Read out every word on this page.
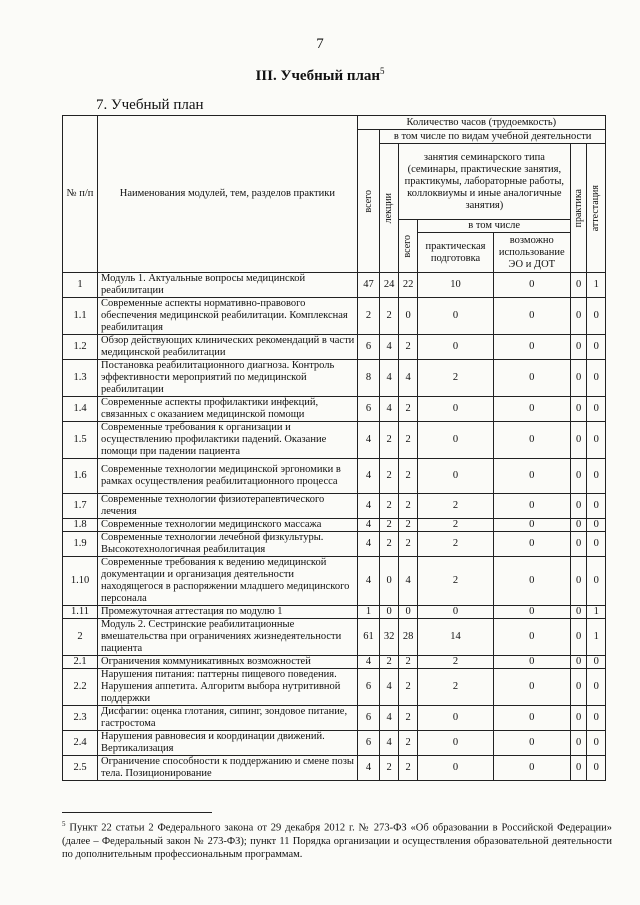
7
III. Учебный план$^5$
7. Учебный план
№ п/п	Наименования модулей, тем, разделов практики	Количество часов (трудоемкость)						

		всего	в том числе по видам учебной деятельности					

			лекции	занятия семинарского типа (семинары, практические занятия, практикумы, лабораторные работы, коллоквиумы и иные аналогичные занятия)			практика	аттестация

				всего	в том числе			
					практическая подготовка	возможно использование ЭО и ДОТ		
1	Модуль 1. Актуальные вопросы медицинской реабилитации	47	24	22	10	0	0	1
1.1	Современные аспекты нормативно-правового обеспечения медицинской реабилитации. Комплексная реабилитация	2	2	0	0	0	0	0
1.2	Обзор действующих клинических рекомендаций в части медицинской реабилитации	6	4	2	0	0	0	0
1.3	Постановка реабилитационного диагноза. Контроль эффективности мероприятий по медицинской реабилитации	8	4	4	2	0	0	0
1.4	Современные аспекты профилактики инфекций, связанных с оказанием медицинской помощи	6	4	2	0	0	0	0
1.5	Современные требования к организации и осуществлению профилактики падений. Оказание помощи при падении пациента	4	2	2	0	0	0	0
1.6	Современные технологии медицинской эргономики в рамках осуществления реабилитационного процесса	4	2	2	0	0	0	0
1.7	Современные технологии физиотерапевтического лечения	4	2	2	2	0	0	0
1.8	Современные технологии медицинского массажа	4	2	2	2	0	0	0
1.9	Современные технологии лечебной физкультуры. Высокотехнологичная реабилитация	4	2	2	2	0	0	0
1.10	Современные требования к ведению медицинской документации и организация деятельности находящегося в распоряжении младшего медицинского персонала	4	0	4	2	0	0	0
1.11	Промежуточная аттестация по модулю 1	1	0	0	0	0	0	1
2	Модуль 2. Сестринские реабилитационные вмешательства при ограничениях жизнедеятельности пациента	61	32	28	14	0	0	1
2.1	Ограничения коммуникативных возможностей	4	2	2	2	0	0	0
2.2	Нарушения питания: паттерны пищевого поведения. Нарушения аппетита. Алгоритм выбора нутритивной поддержки	6	4	2	2	0	0	0
2.3	Дисфагии: оценка глотания, сипинг, зондовое питание, гастростома	6	4	2	0	0	0	0
2.4	Нарушения равновесия и координации движений. Вертикализация	6	4	2	0	0	0	0
2.5	Ограничение способности к поддержанию и смене позы тела. Позиционирование	4	2	2	0	0	0	0
$^5$ Пункт 22 статьи 2 Федерального закона от 29 декабря 2012 г. № 273-ФЗ «Об образовании в Российской Федерации» (далее – Федеральный закон № 273-ФЗ); пункт 11 Порядка организации и осуществления образовательной деятельности по дополнительным профессиональным программам.
